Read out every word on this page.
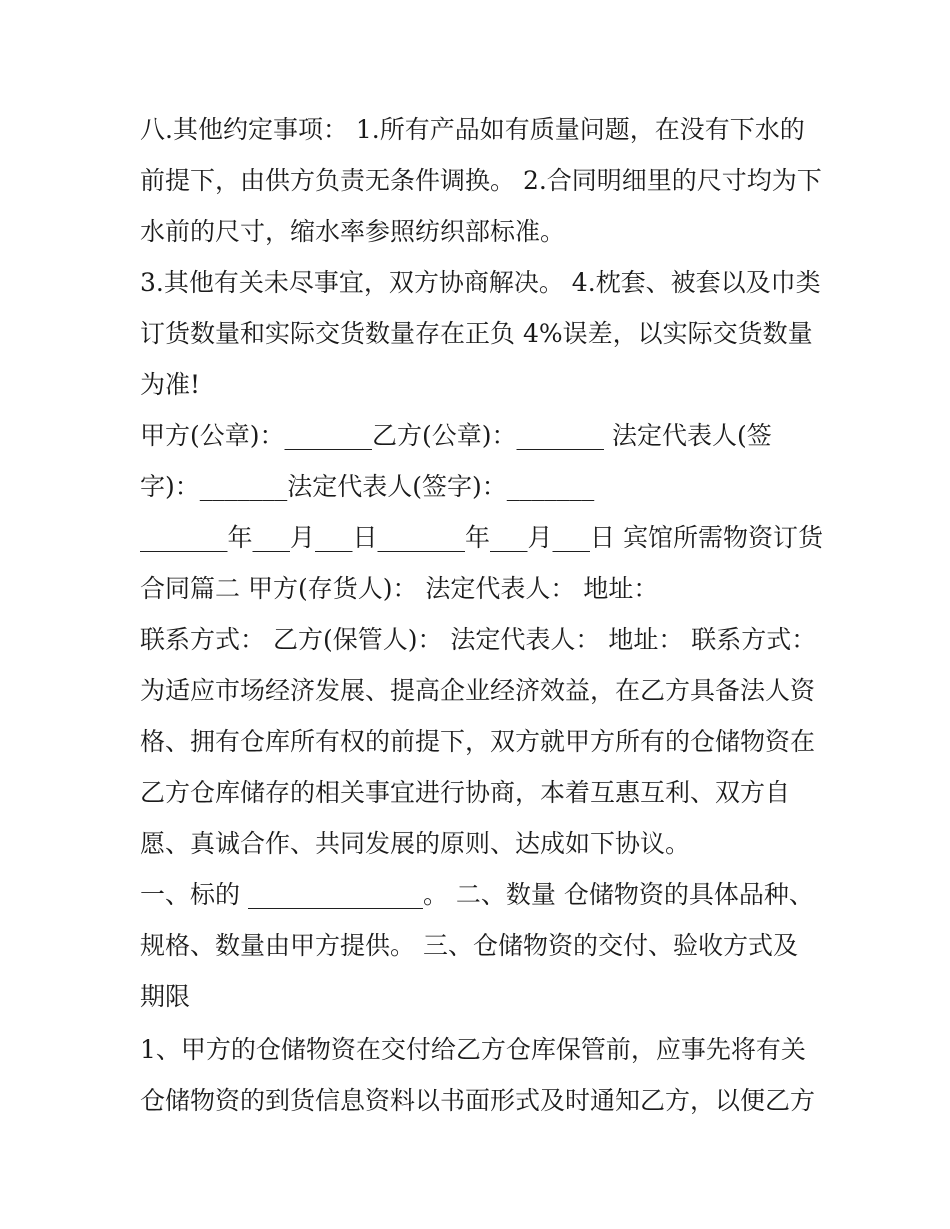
八.其他约定事项： 1.所有产品如有质量问题，在没有下水的
前提下，由供方负责无条件调换。 2.合同明细里的尺寸均为下
水前的尺寸，缩水率参照纺织部标准。
3.其他有关未尽事宜，双方协商解决。 4.枕套、被套以及巾类
订货数量和实际交货数量存在正负 4%误差，以实际交货数量
为准!
甲方(公章)：_______乙方(公章)：_______ 法定代表人(签
字)：_______法定代表人(签字)：_______
_______年___月___日_______年___月___日 宾馆所需物资订货
合同篇二 甲方(存货人)： 法定代表人： 地址：
联系方式： 乙方(保管人)： 法定代表人： 地址： 联系方式：
为适应市场经济发展、提高企业经济效益，在乙方具备法人资
格、拥有仓库所有权的前提下，双方就甲方所有的仓储物资在
乙方仓库储存的相关事宜进行协商，本着互惠互利、双方自
愿、真诚合作、共同发展的原则、达成如下协议。
一、标的 ______________。 二、数量 仓储物资的具体品种、
规格、数量由甲方提供。 三、仓储物资的交付、验收方式及
期限
1、甲方的仓储物资在交付给乙方仓库保管前，应事先将有关
仓储物资的到货信息资料以书面形式及时通知乙方，以便乙方
